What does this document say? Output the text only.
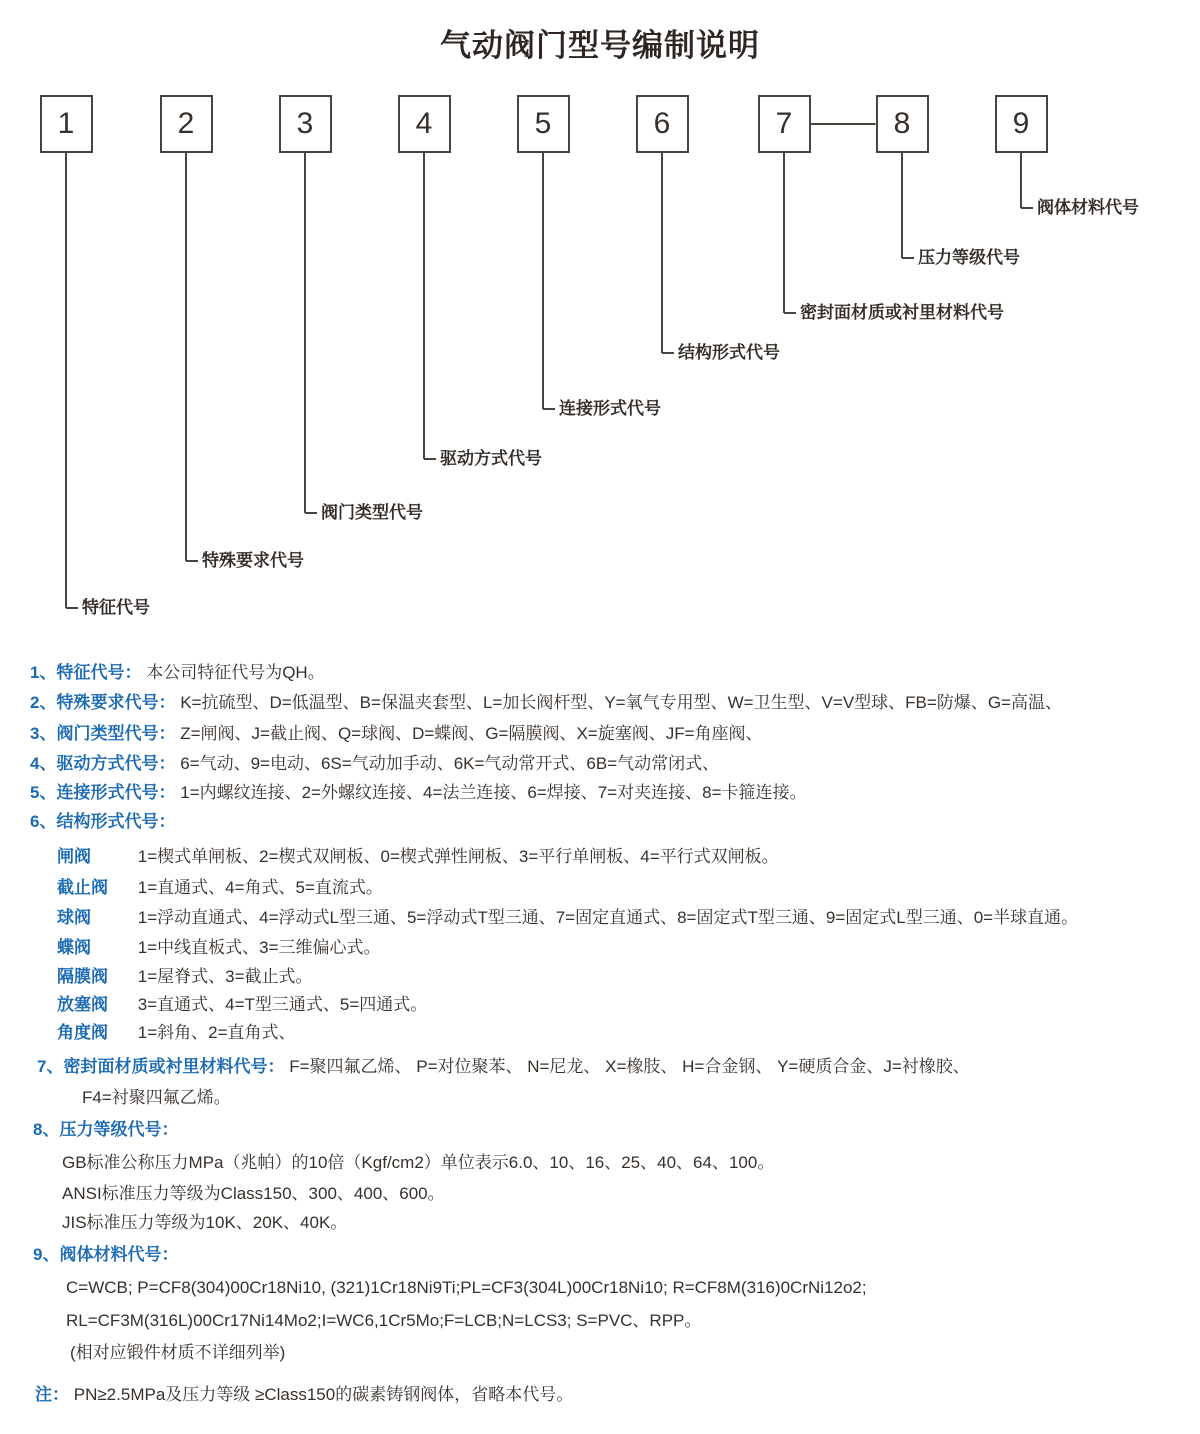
气动阀门型号编制说明
1
特征代号
2
特殊要求代号
3
阀门类型代号
4
驱动方式代号
5
连接形式代号
6
结构形式代号
7
密封面材质或衬里材料代号
8
压力等级代号
9
阀体材料代号
1、特征代号： 本公司特征代号为QH。
2、特殊要求代号： K=抗硫型、D=低温型、B=保温夹套型、L=加长阀杆型、Y=氧气专用型、W=卫生型、V=V型球、FB=防爆、G=高温、
3、阀门类型代号： Z=闸阀、J=截止阀、Q=球阀、D=蝶阀、G=隔膜阀、X=旋塞阀、JF=角座阀、
4、驱动方式代号： 6=气动、9=电动、6S=气动加手动、6K=气动常开式、6B=气动常闭式、
5、连接形式代号： 1=内螺纹连接、2=外螺纹连接、4=法兰连接、6=焊接、7=对夹连接、8=卡箍连接。
6、结构形式代号：
闸阀	1=楔式单闸板、2=楔式双闸板、0=楔式弹性闸板、3=平行单闸板、4=平行式双闸板。
截止阀 1=直通式、4=角式、5=直流式。
球阀	1=浮动直通式、4=浮动式L型三通、5=浮动式T型三通、7=固定直通式、8=固定式T型三通、9=固定式L型三通、0=半球直通。
蝶阀	1=中线直板式、3=三维偏心式。
隔膜阀 1=屋脊式、3=截止式。
放塞阀 3=直通式、4=T型三通式、5=四通式。
角度阀 1=斜角、2=直角式、
7、密封面材质或衬里材料代号： F=聚四氟乙烯、 P=对位聚苯、 N=尼龙、 X=橡肢、 H=合金钢、 Y=硬质合金、J=衬橡胶、
F4=衬聚四氟乙烯。
8、压力等级代号：
GB标准公称压力MPa（兆帕）的10倍（Kgf/cm2）单位表示6.0、10、16、25、40、64、100。
ANSI标准压力等级为Class150、300、400、600。
JIS标准压力等级为10K、20K、40K。
9、阀体材料代号：
C=WCB; P=CF8(304)00Cr18Ni10, (321)1Cr18Ni9Ti;PL=CF3(304L)00Cr18Ni10; R=CF8M(316)0CrNi12o2;
RL=CF3M(316L)00Cr17Ni14Mo2;I=WC6,1Cr5Mo;F=LCB;N=LCS3; S=PVC、RPP。
(相对应锻件材质不详细列举)
注： PN≥2.5MPa及压力等级 ≥Class150的碳素铸钢阀体，省略本代号。
